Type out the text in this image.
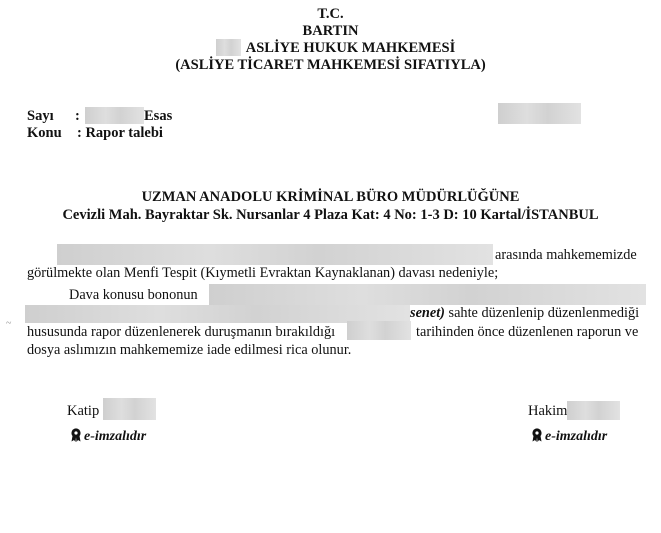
T.C.
BARTIN
ASLİYE HUKUK MAHKEMESİ
(ASLİYE TİCARET MAHKEMESİ SIFATIYLA)
Sayı :	Esas
Konu : Rapor talebi
UZMAN ANADOLU KRİMİNAL BÜRO MÜDÜRLÜĞÜNE
Cevizli Mah. Bayraktar Sk. Nursanlar 4 Plaza Kat: 4 No: 1-3 D: 10 Kartal/İSTANBUL
arasında mahkememizde
görülmekte olan Menfi Tespit (Kıymetli Evraktan Kaynaklanan) davası nedeniyle;
Dava konusu bononun
senet) sahte düzenlenip düzenlenmediği
~
hususunda rapor düzenlenerek duruşmanın bırakıldığı	tarihinden önce düzenlenen raporun ve
dosya aslımızın mahkememize iade edilmesi rica olunur.
Katip
e-imzalıdır
Hakim
e-imzalıdır
